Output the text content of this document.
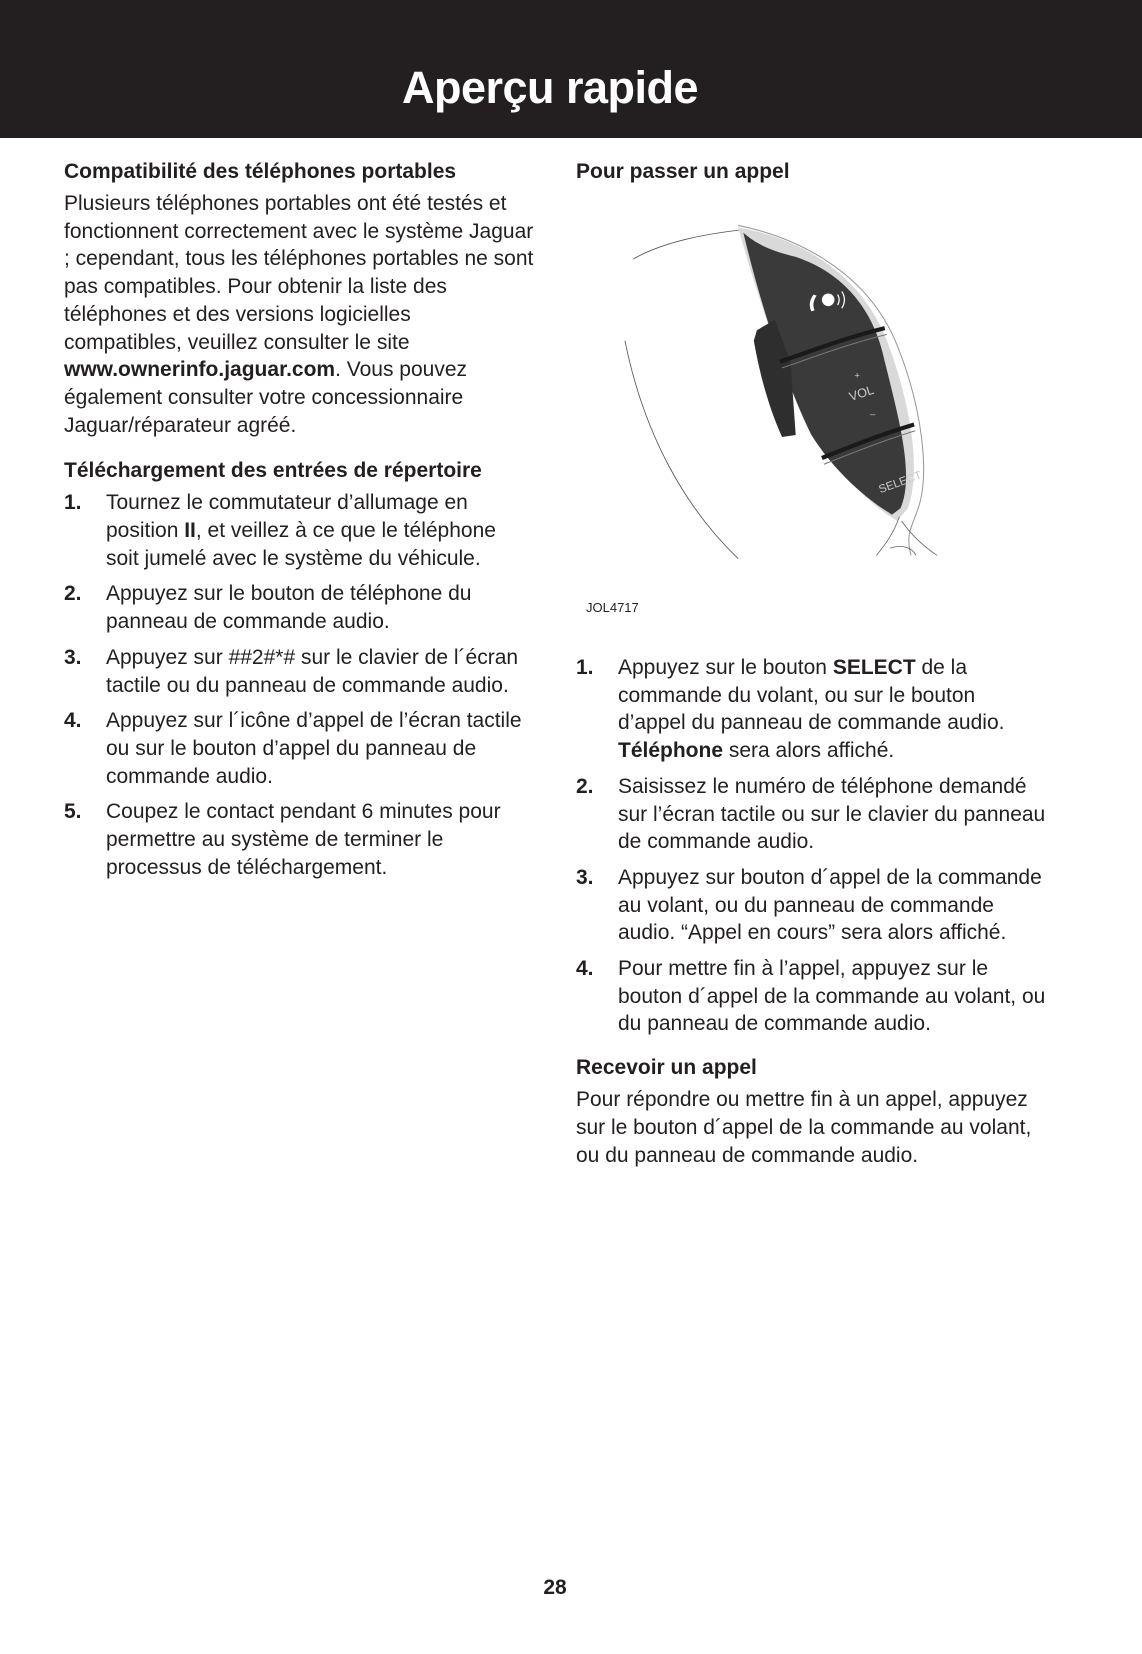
Aperçu rapide
Compatibilité des téléphones portables

Plusieurs téléphones portables ont été testés et fonctionnent correctement avec le système Jaguar ; cependant, tous les téléphones portables ne sont pas compatibles. Pour obtenir la liste des téléphones et des versions logicielles compatibles, veuillez consulter le site www.ownerinfo.jaguar.com. Vous pouvez également consulter votre concessionnaire Jaguar/réparateur agréé.

Téléchargement des entrées de répertoire
1. Tournez le commutateur d’allumage en position II, et veillez à ce que le téléphone soit jumelé avec le système du véhicule.
2. Appuyez sur le bouton de téléphone du panneau de commande audio.
3. Appuyez sur ##2#*# sur le clavier de l´écran tactile ou du panneau de commande audio.
4. Appuyez sur l´icône d’appel de l’écran tactile ou sur le bouton d’appel du panneau de commande audio.
5. Coupez le contact pendant 6 minutes pour permettre au système de terminer le processus de téléchargement.
Pour passer un appel
+
VOL
–
SELECT
JOL4717
1. Appuyez sur le bouton SELECT de la commande du volant, ou sur le bouton d’appel du panneau de commande audio. Téléphone sera alors affiché.
2. Saisissez le numéro de téléphone demandé sur l’écran tactile ou sur le clavier du panneau de commande audio.
3. Appuyez sur bouton d´appel de la commande au volant, ou du panneau de commande audio. “Appel en cours” sera alors affiché.
4. Pour mettre fin à l’appel, appuyez sur le bouton d´appel de la commande au volant, ou du panneau de commande audio.
Recevoir un appel

Pour répondre ou mettre fin à un appel, appuyez sur le bouton d´appel de la commande au volant, ou du panneau de commande audio.

28
